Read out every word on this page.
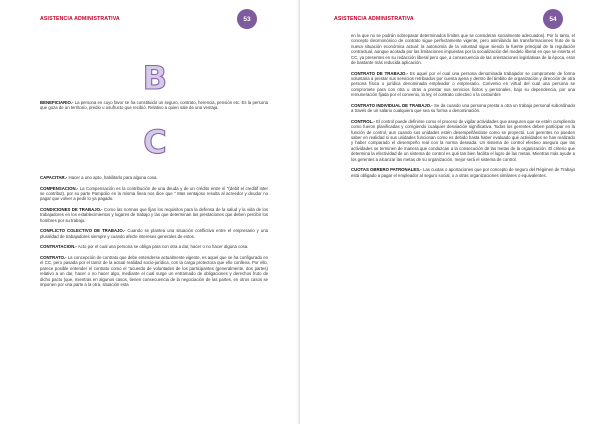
ASISTENCIA ADMINISTRATIVA	53
B

BENEFICIARIO.- La persona en cuyo favor se ha constituido un seguro, contrato, herencia, pensión etc. Es la persona que goza de un territorio, predio u usufructo que recibió. Relativo a quien sale de una ventaja.

C

CAPACITAR.- Hacer a uno apto, habilitarlo para alguna cosa.

COMPENSACION.- La Compensación es la contribución de una deuda y de un crédito entre sí "(debit el creditif inter se contribut), por su parte Pampolio en la misma línea nos dice que " Mas ventajoso resulta al acreedor y deudor no pagar que volver a pedir lo ya pagado.

CONDICIONES DE TRABAJO.- Como las normas que fijan los requisitos para la defensa de la salud y la vida de los trabajadores en los establecimientos y lugares de trabajo y las que determinan las prestaciones que deben percibir los hombres por su trabajo.

CONFLICTO COLECTIVO DE TRABAJO.- Cuando se plantea una situación conflictiva entre el empresario y una pluralidad de trabajadores siempre y cuando afecte intereses generales de estos.

CONTRATACION.- Acto por el cual una persona se obliga para con otra a dar, hacer o no hacer alguna cosa.

CONTRATO.- La concepción de contrato que debe entenderse actualmente vigente, es aquel que se ha configurado en el CC, pero pasada por el tamiz de la actual realidad socio-jurídica, con la carga protectora que ello conlleva. Por ello, parece posible entender el contrato como el "acuerdo de voluntades de los participantes (generalmente, dos partes) relativo a un dar, hacer o no hacer algo, mediante el cual surge un entramado de obligaciones y derechos fruto de dicho pacto (que, mientras en algunos casos, tienen consecuencia de la negociación de las partes, en otros casos se imponen por una parte a la otra, situación esta

ASISTENCIA ADMINISTRATIVA	54

en la que no se podrán sobrepasar determinados límites que se consideran socialmente adecuados). Por lo tanto, el concepto decimonónico de contrato sigue perfectamente vigente, pero asimilando las transformaciones fruto de la nueva situación económica actual: la autonomía de la voluntad sigue siendo la fuente principal de la regulación contractual, aunque acotada por las limitaciones impuestas por la socialización del modelo liberal en que se inserta el CC, ya presentes en su redacción liberal pero que, a consecuencia de las orientaciones legislativas de la época, eran de bastante más reducida aplicación.

CONTRATO DE TRABAJO.- Es aquel por el cual una persona denominada trabajador se compromete de forma voluntaria a prestar sus servicios retribuidos por cuenta ajena y dentro del ámbito de organización y dirección de otra persona física o jurídica denominada empleador o empresario. Convenio en virtud del cual una persona se compromete para con otra u otras a prestar sus servicios lícitos y personales, bajo su dependencia, por una remuneración fijada por el convenio, la ley, el contrato colectivo o la costumbre

CONTRATO INDIVIDUAL DE TRABAJO.- Se da cuando una persona presta a otra un trabajo personal subordinado a través de un salario cualquiera que sea su forma o denominación.

CONTROL.- El control puede definirse como el proceso de vigilar actividades que aseguren que se estén cumpliendo como fueron planificadas y corrigiendo cualquier desviación significativa. Todos los gerentes deben participar en la función de control, aun cuando sus unidades estén desempeñándose como se proyectó. Los gerentes no pueden saber en realidad si sus unidades funcionan como es debido hasta haber evaluado qué actividades se han realizado y haber comparado el desempeño real con la norma deseada. Un sistema de control efectivo asegura que las actividades se terminen de manera que conduzcan a la consecución de las metas de la organización. El criterio que determina la efectividad de un sistema de control es qué tan bien facilita el logro de las metas. Mientras más ayude a los gerentes a alcanzar las metas de su organización, mejor será el sistema de control.

CUOTAS OBRERO PATRONALES.- Las cuotas o aportaciones que por concepto de seguro del Régimen de Trabajo está obligado a pagar el empleador al seguro social, o a otras organizaciones similares o equivalentes.
